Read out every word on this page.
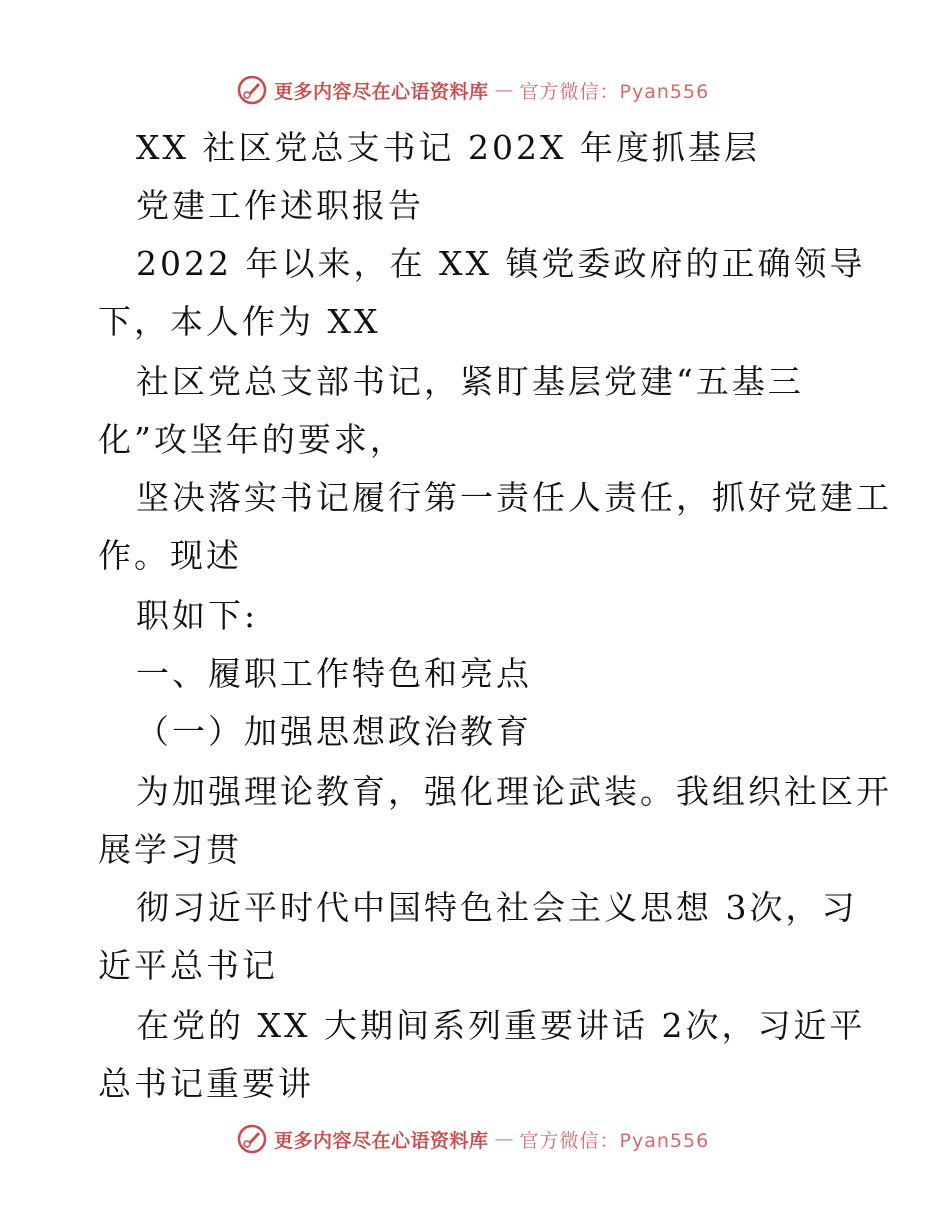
更多内容尽在心语资料库 — 官方微信：Pyan556
XX 社区党总支书记 202X 年度抓基层
党建工作述职报告
2022 年以来，在 XX 镇党委政府的正确领导
下，本人作为 XX
社区党总支部书记，紧盯基层党建“五基三
化”攻坚年的要求，
坚决落实书记履行第一责任人责任，抓好党建工
作。现述
职如下:
一、履职工作特色和亮点
（一）加强思想政治教育
为加强理论教育，强化理论武装。我组织社区开
展学习贯
彻习近平时代中国特色社会主义思想 3次，习
近平总书记
在党的 XX 大期间系列重要讲话 2次，习近平
总书记重要讲
更多内容尽在心语资料库 — 官方微信：Pyan556
